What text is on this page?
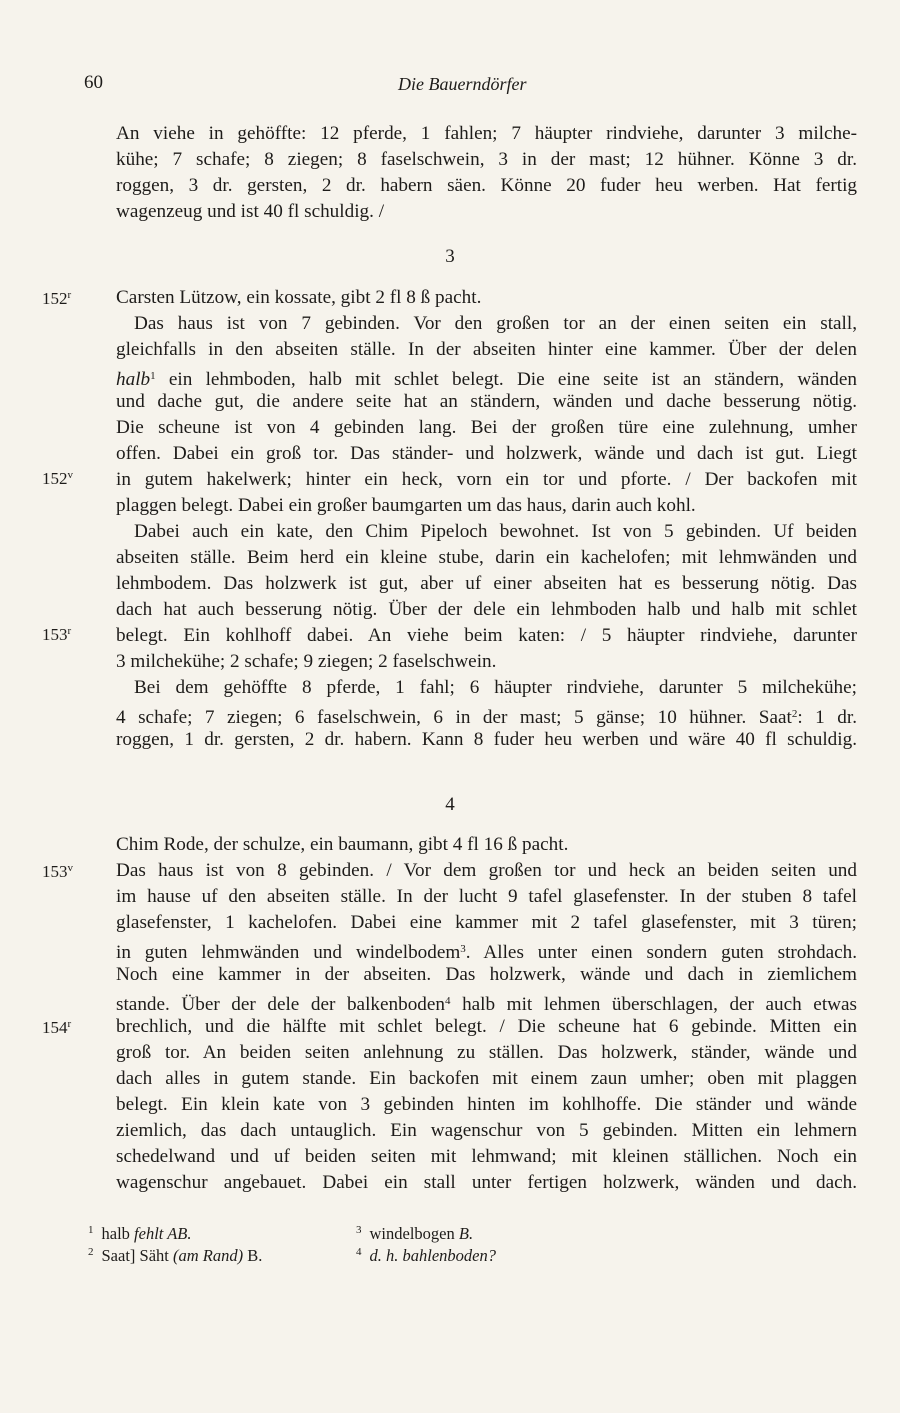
60	Die Bauerndörfer
An viehe in gehöffte: 12 pferde, 1 fahlen; 7 häupter rindviehe, darunter 3 milche-
kühe; 7 schafe; 8 ziegen; 8 faselschwein, 3 in der mast; 12 hühner. Könne 3 dr.
roggen, 3 dr. gersten, 2 dr. habern säen. Könne 20 fuder heu werben. Hat fertig
wagenzeug und ist 40 fl schuldig. /
3
Carsten Lützow, ein kossate, gibt 2 fl 8 ß pacht.
Das haus ist von 7 gebinden. Vor den großen tor an der einen seiten ein stall,
gleichfalls in den abseiten ställe. In der abseiten hinter eine kammer. Über der delen
halb$^1$ ein lehmboden, halb mit schlet belegt. Die eine seite ist an ständern, wänden
und dache gut, die andere seite hat an ständern, wänden und dache besserung nötig.
Die scheune ist von 4 gebinden lang. Bei der großen türe eine zulehnung, umher
offen. Dabei ein groß tor. Das ständer- und holzwerk, wände und dach ist gut. Liegt
in gutem hakelwerk; hinter ein heck, vorn ein tor und pforte. / Der backofen mit
plaggen belegt. Dabei ein großer baumgarten um das haus, darin auch kohl.
Dabei auch ein kate, den Chim Pipeloch bewohnet. Ist von 5 gebinden. Uf beiden
abseiten ställe. Beim herd ein kleine stube, darin ein kachelofen; mit lehmwänden und
lehmbodem. Das holzwerk ist gut, aber uf einer abseiten hat es besserung nötig. Das
dach hat auch besserung nötig. Über der dele ein lehmboden halb und halb mit schlet
belegt. Ein kohlhoff dabei. An viehe beim katen: / 5 häupter rindviehe, darunter
3 milchekühe; 2 schafe; 9 ziegen; 2 faselschwein.
Bei dem gehöffte 8 pferde, 1 fahl; 6 häupter rindviehe, darunter 5 milchekühe;
4 schafe; 7 ziegen; 6 faselschwein, 6 in der mast; 5 gänse; 10 hühner. Saat$^2$: 1 dr.
roggen, 1 dr. gersten, 2 dr. habern. Kann 8 fuder heu werben und wäre 40 fl schuldig.
4
Chim Rode, der schulze, ein baumann, gibt 4 fl 16 ß pacht.
Das haus ist von 8 gebinden. / Vor dem großen tor und heck an beiden seiten und
im hause uf den abseiten ställe. In der lucht 9 tafel glasefenster. In der stuben 8 tafel
glasefenster, 1 kachelofen. Dabei eine kammer mit 2 tafel glasefenster, mit 3 türen;
in guten lehmwänden und windelbodem$^3$. Alles unter einen sondern guten strohdach.
Noch eine kammer in der abseiten. Das holzwerk, wände und dach in ziemlichem
stande. Über der dele der balkenboden$^4$ halb mit lehmen überschlagen, der auch etwas
brechlich, und die hälfte mit schlet belegt. / Die scheune hat 6 gebinde. Mitten ein
groß tor. An beiden seiten anlehnung zu ställen. Das holzwerk, ständer, wände und
dach alles in gutem stande. Ein backofen mit einem zaun umher; oben mit plaggen
belegt. Ein klein kate von 3 gebinden hinten im kohlhoffe. Die ständer und wände
ziemlich, das dach untauglich. Ein wagenschur von 5 gebinden. Mitten ein lehmern
schedelwand und uf beiden seiten mit lehmwand; mit kleinen ställichen. Noch ein
wagenschur angebauet. Dabei ein stall unter fertigen holzwerk, wänden und dach.
152$^r$
152$^v$
153$^r$
153$^v$
154$^r$
$^1$ halb fehlt AB.
$^2$ Saat] Säht (am Rand) B.
$^3$ windelbogen B.
$^4$ d. h. bahlenboden?
